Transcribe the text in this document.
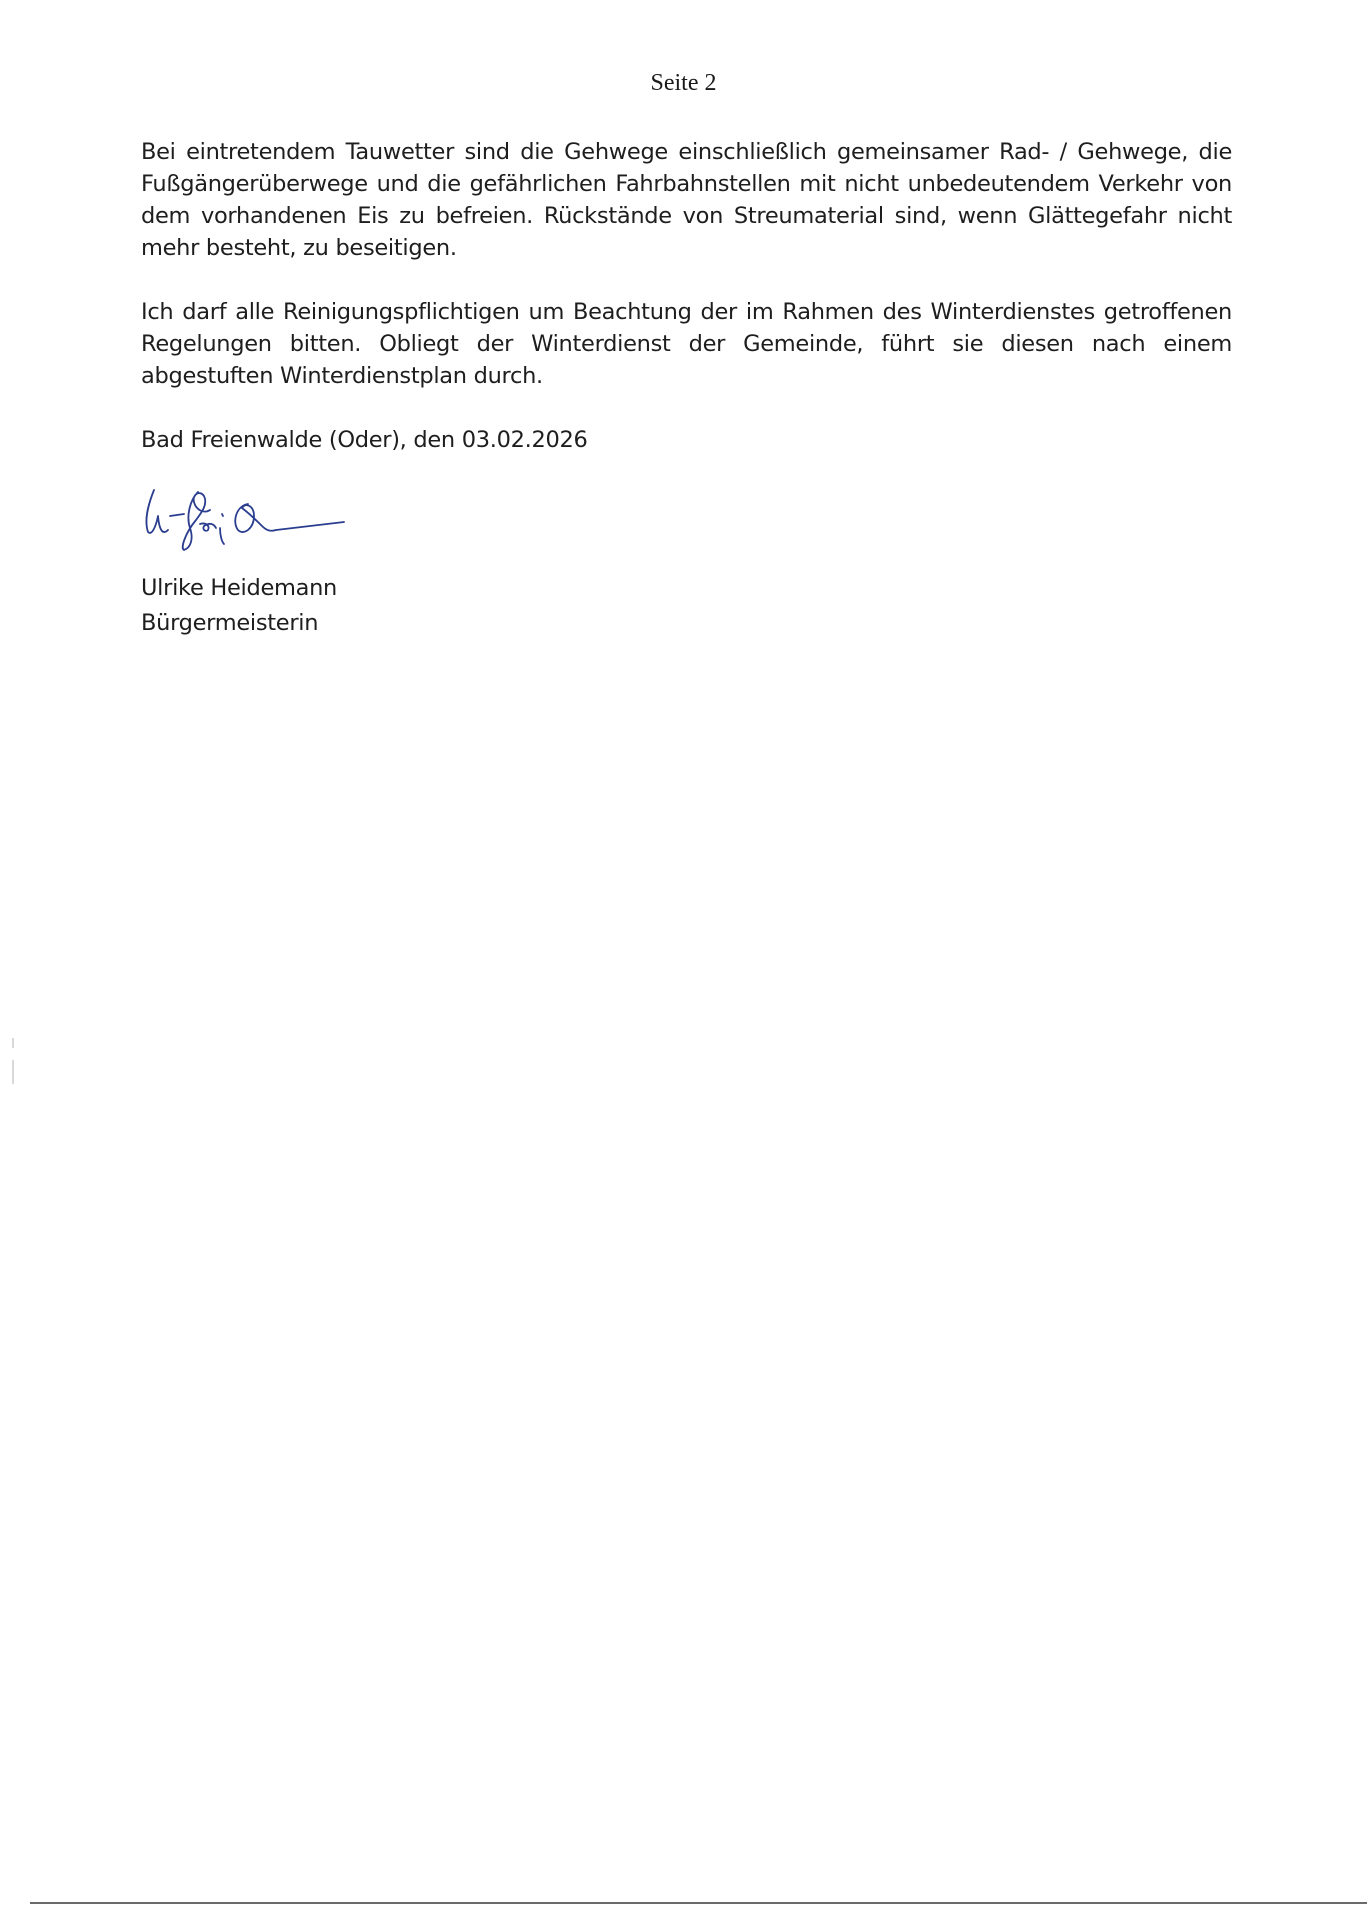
Seite 2
Bei eintretendem Tauwetter sind die Gehwege einschließlich gemeinsamer Rad- / Gehwege, die Fußgängerüberwege und die gefährlichen Fahrbahnstellen mit nicht unbedeutendem Verkehr von dem vorhandenen Eis zu befreien. Rückstände von Streumaterial sind, wenn Glättegefahr nicht mehr besteht, zu beseitigen.
Ich darf alle Reinigungspflichtigen um Beachtung der im Rahmen des Winterdienstes getroffenen Regelungen bitten. Obliegt der Winterdienst der Gemeinde, führt sie diesen nach einem abgestuften Winterdienstplan durch.
Bad Freienwalde (Oder), den 03.02.2026
Ulrike Heidemann
Bürgermeisterin
